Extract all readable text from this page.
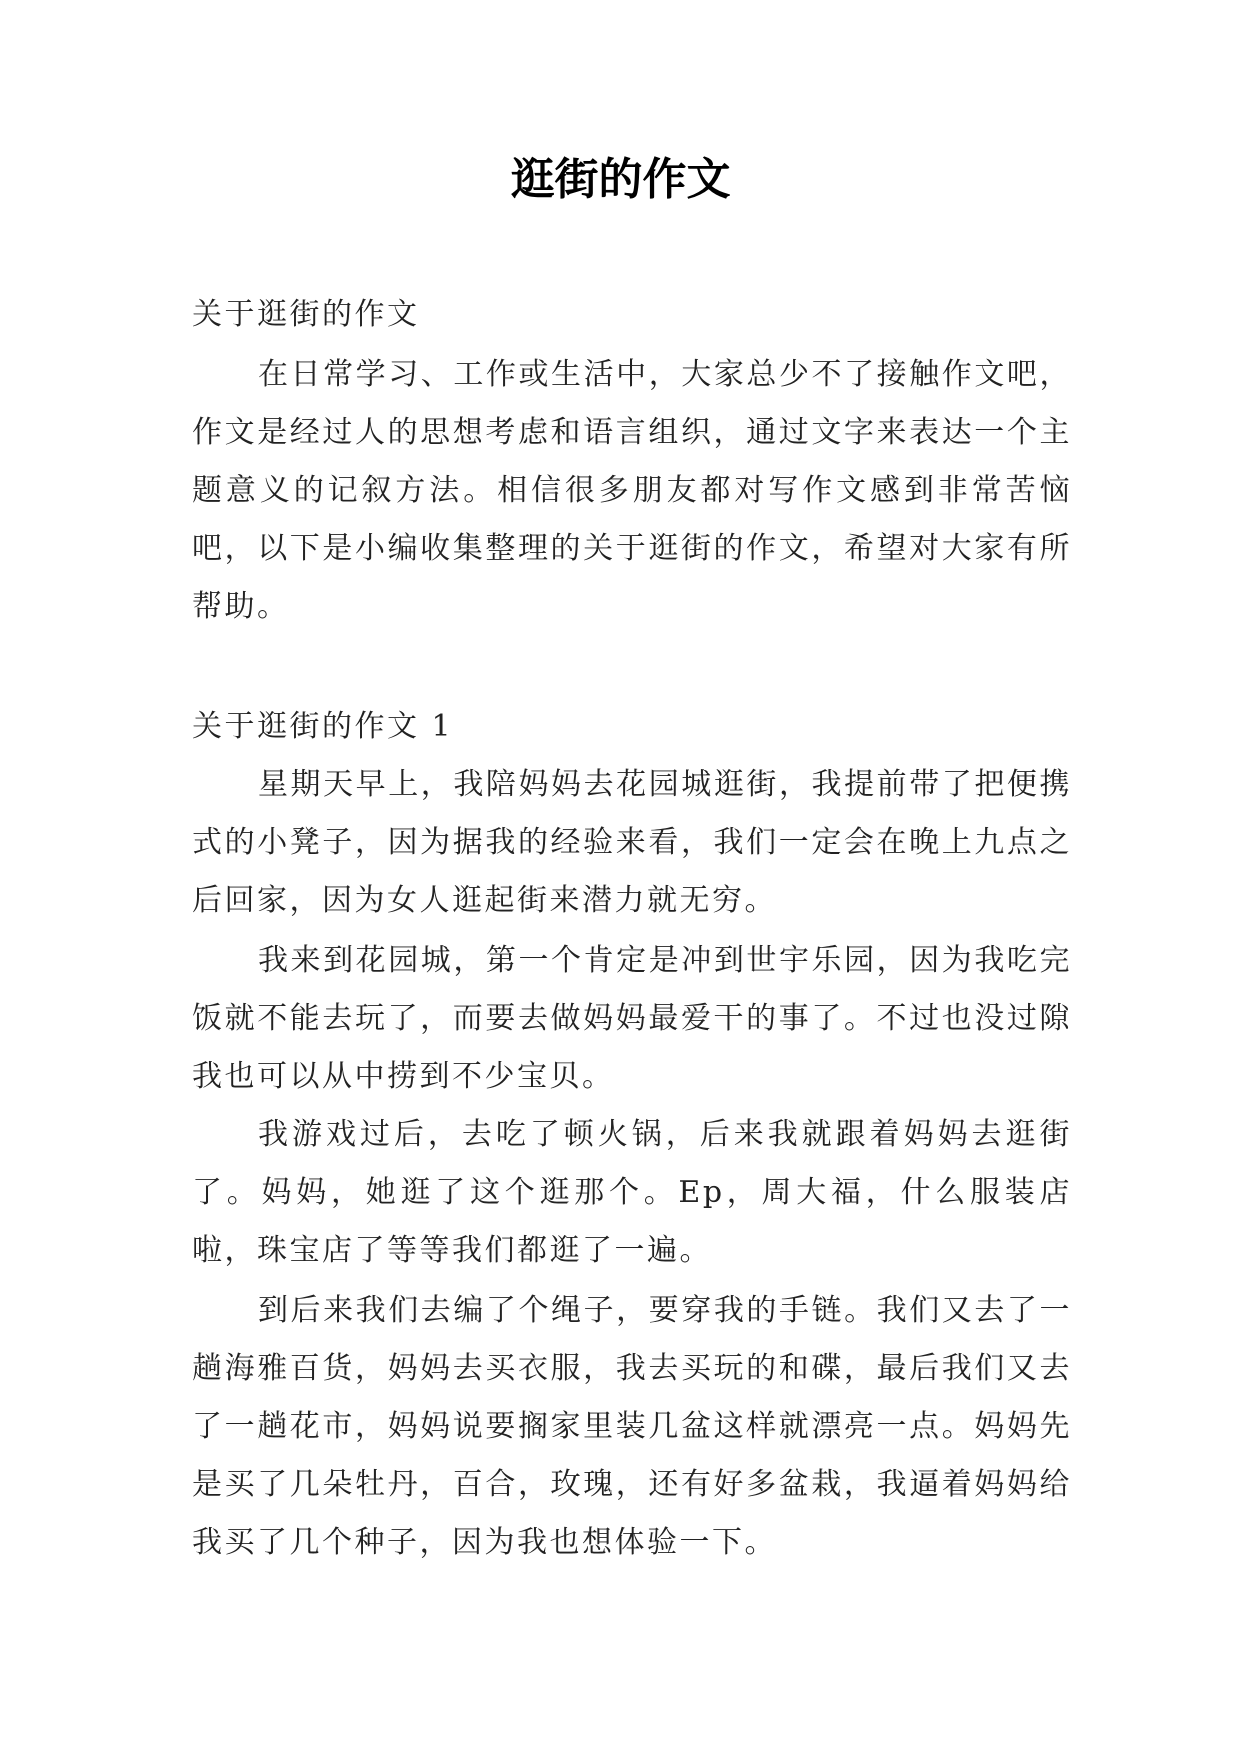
逛街的作文

关于逛街的作文

在日常学习、工作或生活中，大家总少不了接触作文吧，作文是经过人的思想考虑和语言组织，通过文字来表达一个主题意义的记叙方法。相信很多朋友都对写作文感到非常苦恼吧，以下是小编收集整理的关于逛街的作文，希望对大家有所帮助。

关于逛街的作文 1

星期天早上，我陪妈妈去花园城逛街，我提前带了把便携式的小凳子，因为据我的经验来看，我们一定会在晚上九点之后回家，因为女人逛起街来潜力就无穷。

我来到花园城，第一个肯定是冲到世宇乐园，因为我吃完饭就不能去玩了，而要去做妈妈最爱干的事了。不过也没过隙我也可以从中捞到不少宝贝。

我游戏过后，去吃了顿火锅，后来我就跟着妈妈去逛街了。妈妈，她逛了这个逛那个。Ep，周大福，什么服装店啦，珠宝店了等等我们都逛了一遍。

到后来我们去编了个绳子，要穿我的手链。我们又去了一趟海雅百货，妈妈去买衣服，我去买玩的和碟，最后我们又去了一趟花市，妈妈说要搁家里装几盆这样就漂亮一点。妈妈先是买了几朵牡丹，百合，玫瑰，还有好多盆栽，我逼着妈妈给我买了几个种子，因为我也想体验一下。
